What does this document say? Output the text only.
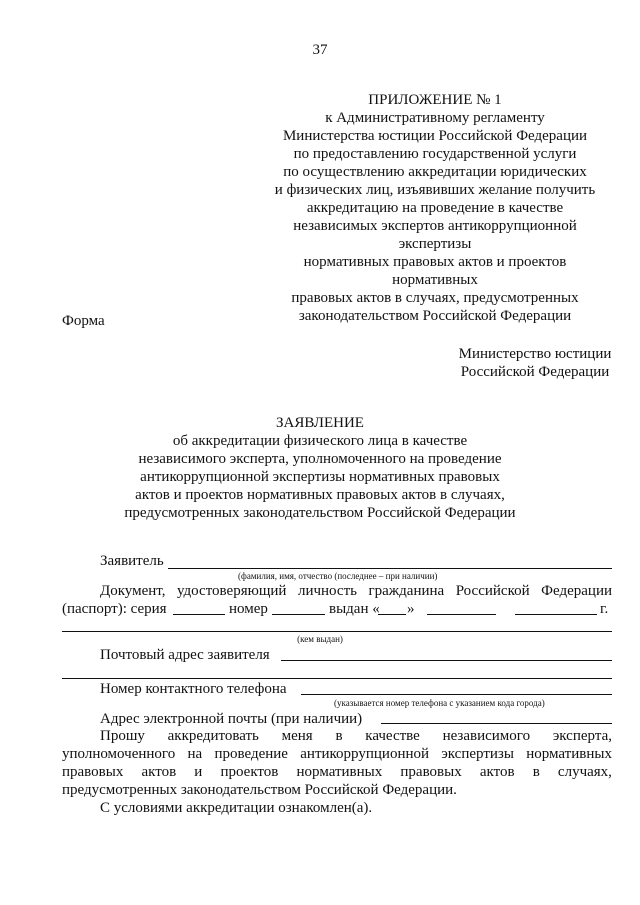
37
ПРИЛОЖЕНИЕ № 1
к Административному регламенту
Министерства юстиции Российской Федерации
по предоставлению государственной услуги
по осуществлению аккредитации юридических
и физических лиц, изъявивших желание получить
аккредитацию на проведение в качестве
независимых экспертов антикоррупционной экспертизы
нормативных правовых актов и проектов нормативных
правовых актов в случаях, предусмотренных
законодательством Российской Федерации
Форма
Министерство юстиции
Российской Федерации
ЗАЯВЛЕНИЕ
об аккредитации физического лица в качестве
независимого эксперта, уполномоченного на проведение
антикоррупционной экспертизы нормативных правовых
актов и проектов нормативных правовых актов в случаях,
предусмотренных законодательством Российской Федерации
Заявитель
(фамилия, имя, отчество (последнее – при наличии)
Документ, удостоверяющий личность гражданина Российской Федерации
(паспорт): серия	номер	выдан « »	г.
(кем выдан)
Почтовый адрес заявителя
Номер контактного телефона
(указывается номер телефона с указанием кода города)
Адрес электронной почты (при наличии)
Прошу аккредитовать меня в качестве независимого эксперта,
уполномоченного на проведение антикоррупционной экспертизы нормативных
правовых актов и проектов нормативных правовых актов в случаях,
предусмотренных законодательством Российской Федерации.
С условиями аккредитации ознакомлен(а).
